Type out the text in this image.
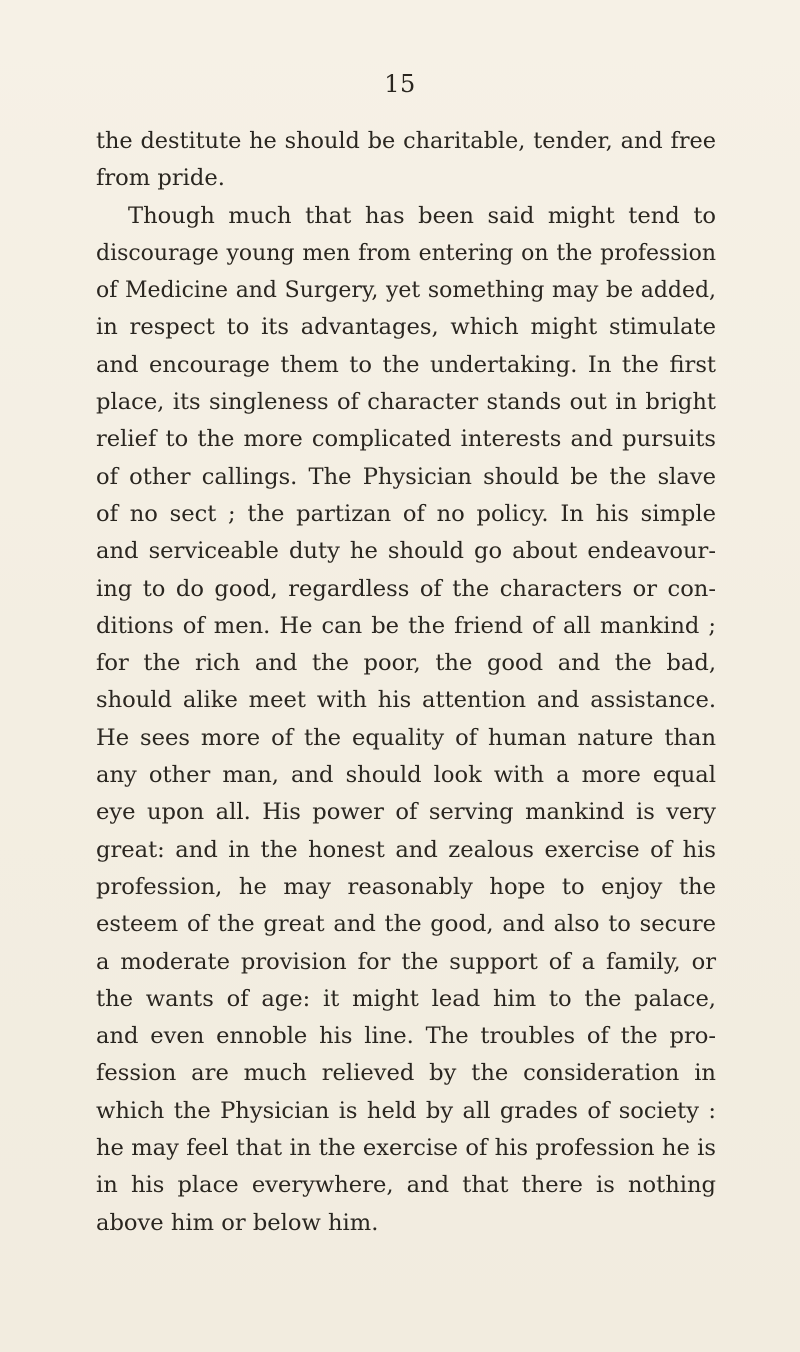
15
the destitute he should be charitable, tender, and free
from pride.
Though much that has been said might tend to
discourage young men from entering on the profession
of Medicine and Surgery, yet something may be added,
in respect to its advantages, which might stimulate
and encourage them to the undertaking. In the first
place, its singleness of character stands out in bright
relief to the more complicated interests and pursuits
of other callings. The Physician should be the slave
of no sect ; the partizan of no policy. In his simple
and serviceable duty he should go about endeavour-
ing to do good, regardless of the characters or con-
ditions of men. He can be the friend of all mankind ;
for the rich and the poor, the good and the bad,
should alike meet with his attention and assistance.
He sees more of the equality of human nature than
any other man, and should look with a more equal
eye upon all. His power of serving mankind is very
great: and in the honest and zealous exercise of his
profession, he may reasonably hope to enjoy the
esteem of the great and the good, and also to secure
a moderate provision for the support of a family, or
the wants of age: it might lead him to the palace,
and even ennoble his line. The troubles of the pro-
fession are much relieved by the consideration in
which the Physician is held by all grades of society :
he may feel that in the exercise of his profession he is
in his place everywhere, and that there is nothing
above him or below him.
